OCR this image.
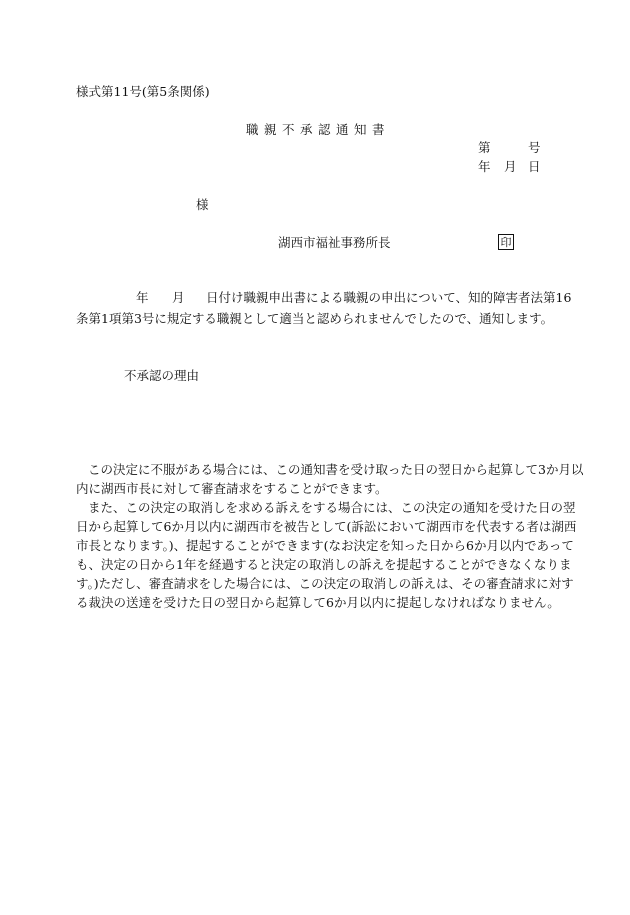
様式第11号(第5条関係)
職親不承認通知書
第	号
年 月 日
様
湖西市福祉事務所長	印
年 月 日付け職親申出書による職親の申出について、知的障害者法第16
条第1項第3号に規定する職親として適当と認められませんでしたので、通知します。
不承認の理由
この決定に不服がある場合には、この通知書を受け取った日の翌日から起算して3か月以
内に湖西市長に対して審査請求をすることができます。
また、この決定の取消しを求める訴えをする場合には、この決定の通知を受けた日の翌
日から起算して6か月以内に湖西市を被告として(訴訟において湖西市を代表する者は湖西
市長となります。)、提起することができます(なお決定を知った日から6か月以内であって
も、決定の日から1年を経過すると決定の取消しの訴えを提起することができなくなりま
す。)ただし、審査請求をした場合には、この決定の取消しの訴えは、その審査請求に対す
る裁決の送達を受けた日の翌日から起算して6か月以内に提起しなければなりません。
